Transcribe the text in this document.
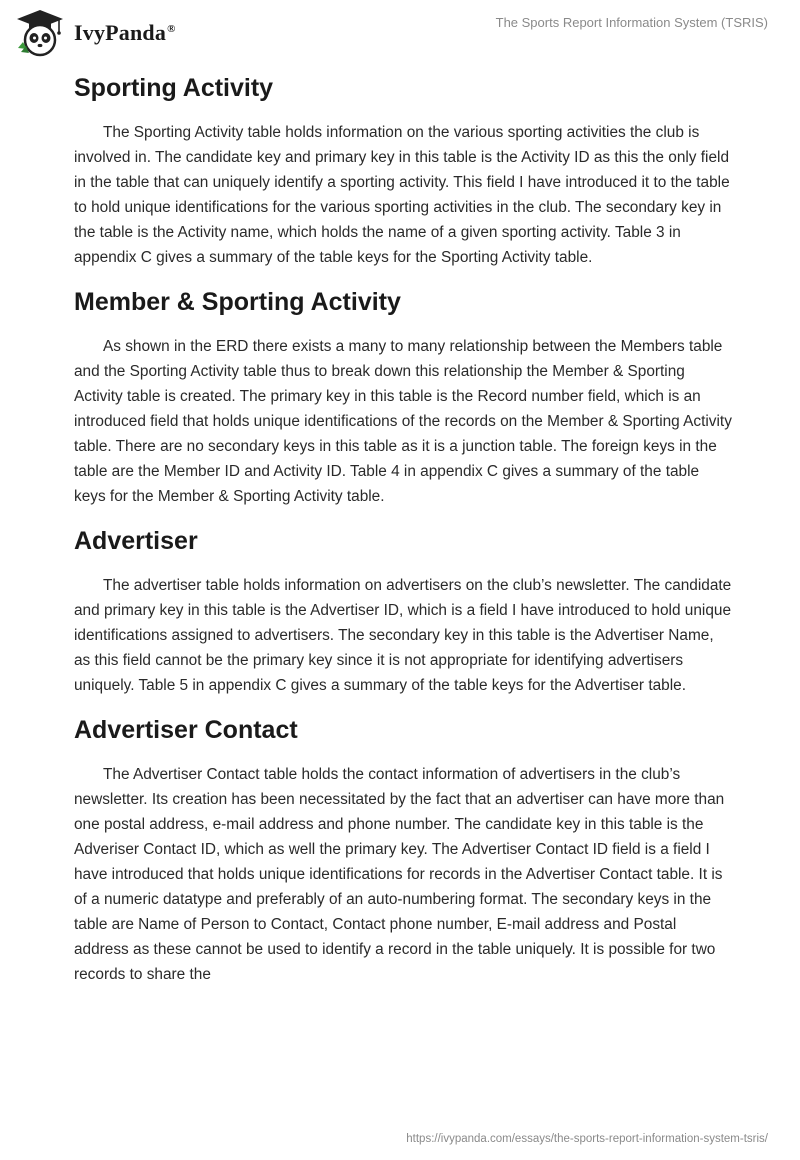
IvyPanda®	The Sports Report Information System (TSRIS)
Sporting Activity

The Sporting Activity table holds information on the various sporting activities the club is involved in. The candidate key and primary key in this table is the Activity ID as this the only field in the table that can uniquely identify a sporting activity. This field I have introduced it to the table to hold unique identifications for the various sporting activities in the club. The secondary key in the table is the Activity name, which holds the name of a given sporting activity. Table 3 in appendix C gives a summary of the table keys for the Sporting Activity table.

Member & Sporting Activity

As shown in the ERD there exists a many to many relationship between the Members table and the Sporting Activity table thus to break down this relationship the Member & Sporting Activity table is created. The primary key in this table is the Record number field, which is an introduced field that holds unique identifications of the records on the Member & Sporting Activity table. There are no secondary keys in this table as it is a junction table. The foreign keys in the table are the Member ID and Activity ID. Table 4 in appendix C gives a summary of the table keys for the Member & Sporting Activity table.

Advertiser

The advertiser table holds information on advertisers on the club’s newsletter. The candidate and primary key in this table is the Advertiser ID, which is a field I have introduced to hold unique identifications assigned to advertisers. The secondary key in this table is the Advertiser Name, as this field cannot be the primary key since it is not appropriate for identifying advertisers uniquely. Table 5 in appendix C gives a summary of the table keys for the Advertiser table.

Advertiser Contact

The Advertiser Contact table holds the contact information of advertisers in the club’s newsletter. Its creation has been necessitated by the fact that an advertiser can have more than one postal address, e-mail address and phone number. The candidate key in this table is the Adveriser Contact ID, which as well the primary key. The Advertiser Contact ID field is a field I have introduced that holds unique identifications for records in the Advertiser Contact table. It is of a numeric datatype and preferably of an auto-numbering format. The secondary keys in the table are Name of Person to Contact, Contact phone number, E-mail address and Postal address as these cannot be used to identify a record in the table uniquely. It is possible for two records to share the

https://ivypanda.com/essays/the-sports-report-information-system-tsris/
